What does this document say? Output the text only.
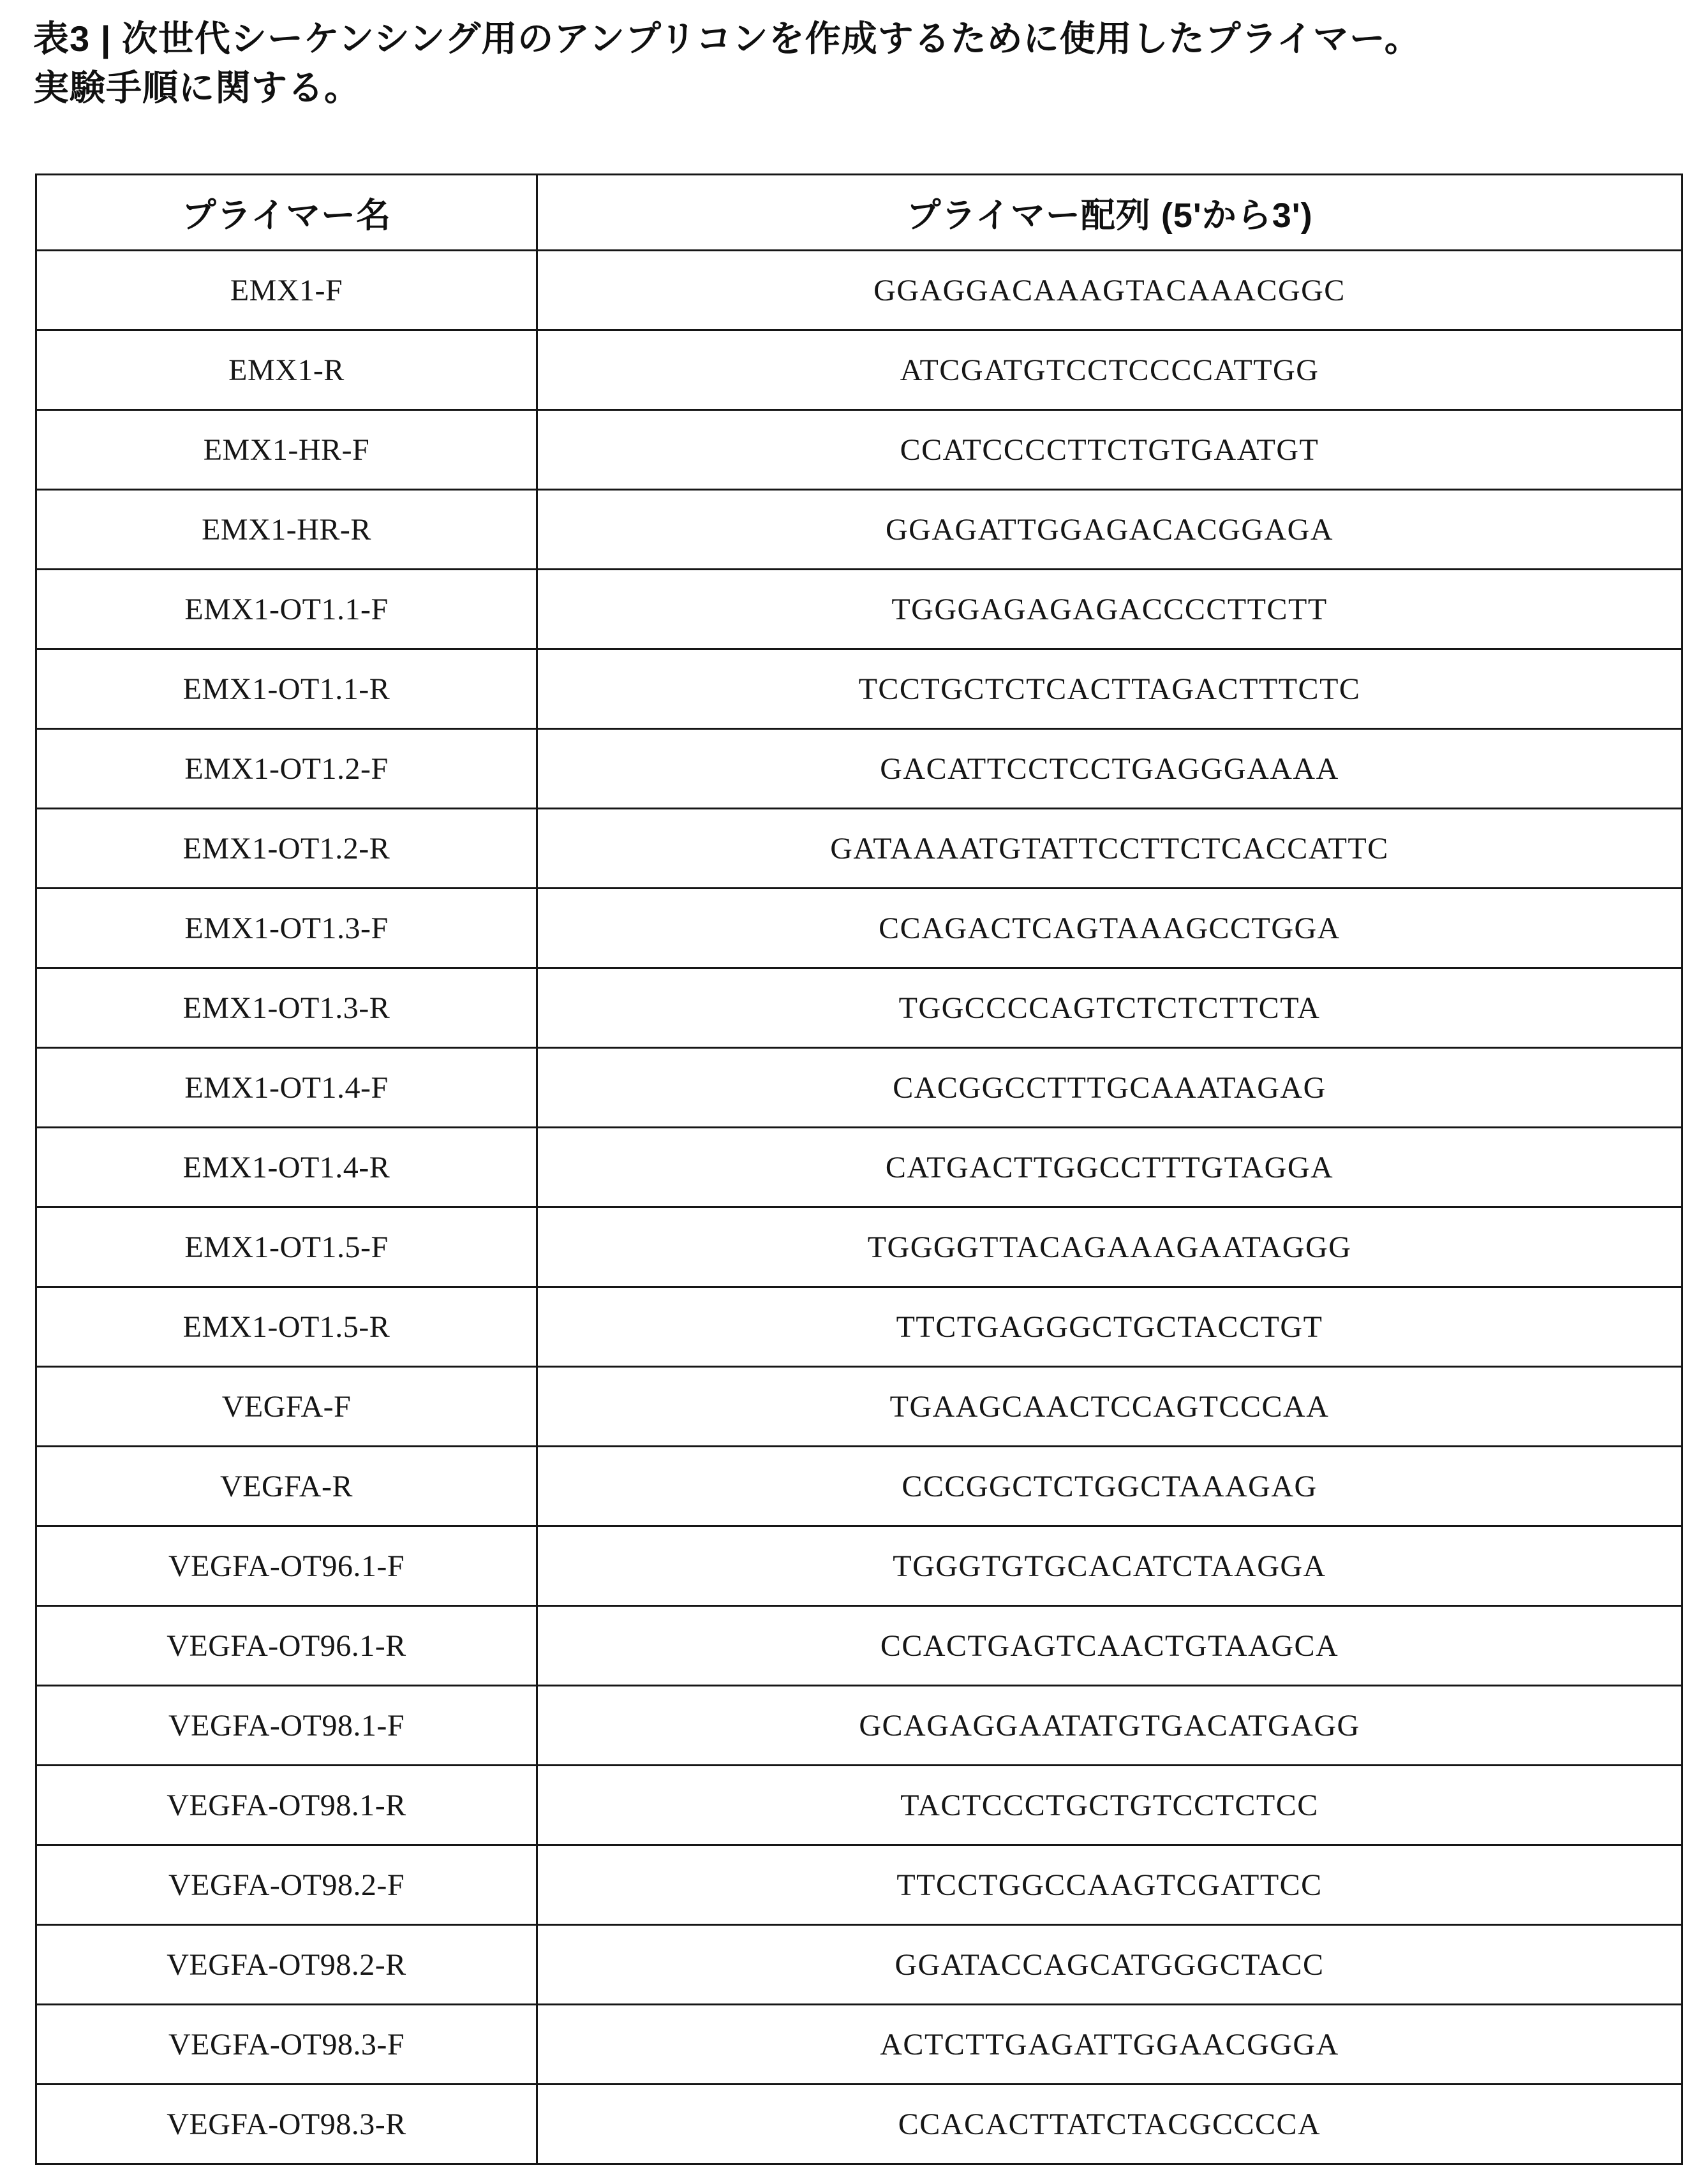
表3 | 次世代シーケンシング用のアンプリコンを作成するために使用したプライマー。
実験手順に関する。
プライマー名	プライマー配列 (5'から3')
EMX1-F	GGAGGACAAAGTACAAACGGC
EMX1-R	ATCGATGTCCTCCCCATTGG
EMX1-HR-F	CCATCCCCTTCTGTGAATGT
EMX1-HR-R	GGAGATTGGAGACACGGAGA
EMX1-OT1.1-F	TGGGAGAGAGACCCCTTCTT
EMX1-OT1.1-R	TCCTGCTCTCACTTAGACTTTCTC
EMX1-OT1.2-F	GACATTCCTCCTGAGGGAAAA
EMX1-OT1.2-R	GATAAAATGTATTCCTTCTCACCATTC
EMX1-OT1.3-F	CCAGACTCAGTAAAGCCTGGA
EMX1-OT1.3-R	TGGCCCCAGTCTCTCTTCTA
EMX1-OT1.4-F	CACGGCCTTTGCAAATAGAG
EMX1-OT1.4-R	CATGACTTGGCCTTTGTAGGA
EMX1-OT1.5-F	TGGGGTTACAGAAAGAATAGGG
EMX1-OT1.5-R	TTCTGAGGGCTGCTACCTGT
VEGFA-F	TGAAGCAACTCCAGTCCCAA
VEGFA-R	CCCGGCTCTGGCTAAAGAG
VEGFA-OT96.1-F	TGGGTGTGCACATCTAAGGA
VEGFA-OT96.1-R	CCACTGAGTCAACTGTAAGCA
VEGFA-OT98.1-F	GCAGAGGAATATGTGACATGAGG
VEGFA-OT98.1-R	TACTCCCTGCTGTCCTCTCC
VEGFA-OT98.2-F	TTCCTGGCCAAGTCGATTCC
VEGFA-OT98.2-R	GGATACCAGCATGGGCTACC
VEGFA-OT98.3-F	ACTCTTGAGATTGGAACGGGA
VEGFA-OT98.3-R	CCACACTTATCTACGCCCCA
